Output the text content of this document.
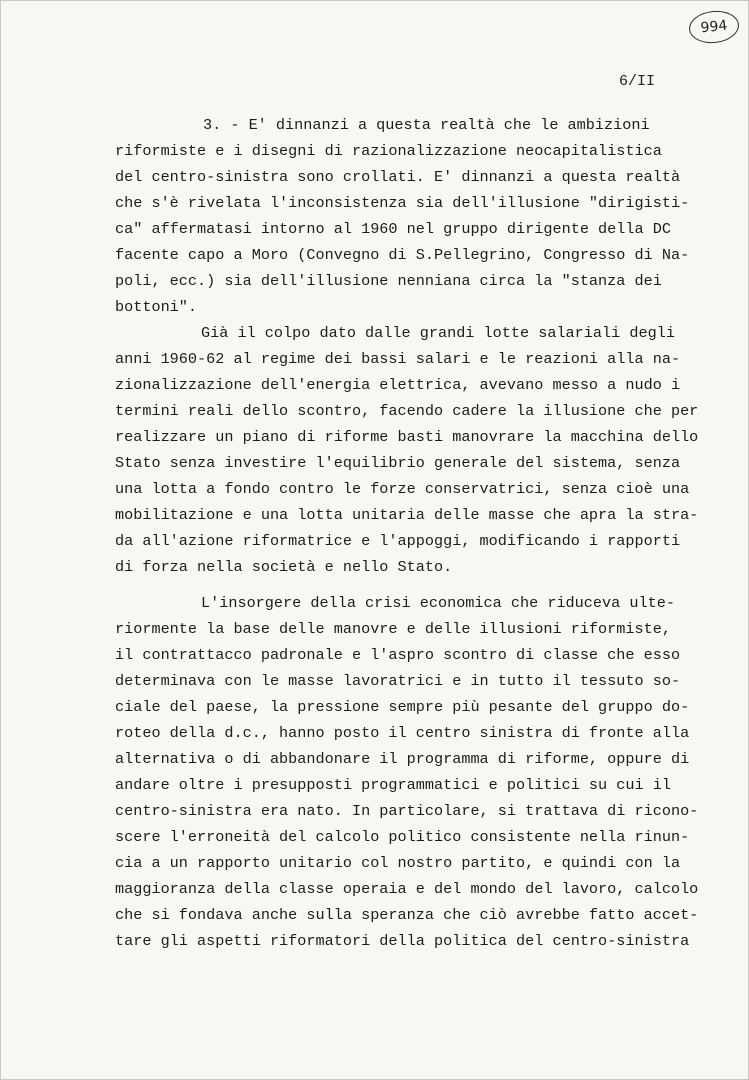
994
6/II
3. - E' dinnanzi a questa realtà che le ambizioni
riformiste e i disegni di razionalizzazione neocapitalistica
del centro-sinistra sono crollati. E' dinnanzi a questa realtà
che s'è rivelata l'inconsistenza sia dell'illusione "dirigisti-
ca" affermatasi intorno al 1960 nel gruppo dirigente della DC
facente capo a Moro (Convegno di S.Pellegrino, Congresso di Na-
poli, ecc.) sia dell'illusione nenniana circa la "stanza dei
bottoni".
Già il colpo dato dalle grandi lotte salariali degli
anni 1960-62 al regime dei bassi salari e le reazioni alla na-
zionalizzazione dell'energia elettrica, avevano messo a nudo i
termini reali dello scontro, facendo cadere la illusione che per
realizzare un piano di riforme basti manovrare la macchina dello
Stato senza investire l'equilibrio generale del sistema, senza
una lotta a fondo contro le forze conservatrici, senza cioè una
mobilitazione e una lotta unitaria delle masse che apra la stra-
da all'azione riformatrice e l'appoggi, modificando i rapporti
di forza nella società e nello Stato.
L'insorgere della crisi economica che riduceva ulte-
riormente la base delle manovre e delle illusioni riformiste,
il contrattacco padronale e l'aspro scontro di classe che esso
determinava con le masse lavoratrici e in tutto il tessuto so-
ciale del paese, la pressione sempre più pesante del gruppo do-
roteo della d.c., hanno posto il centro sinistra di fronte alla
alternativa o di abbandonare il programma di riforme, oppure di
andare oltre i presupposti programmatici e politici su cui il
centro-sinistra era nato. In particolare, si trattava di ricono-
scere l'erroneità del calcolo politico consistente nella rinun-
cia a un rapporto unitario col nostro partito, e quindi con la
maggioranza della classe operaia e del mondo del lavoro, calcolo
che si fondava anche sulla speranza che ciò avrebbe fatto accet-
tare gli aspetti riformatori della politica del centro-sinistra
